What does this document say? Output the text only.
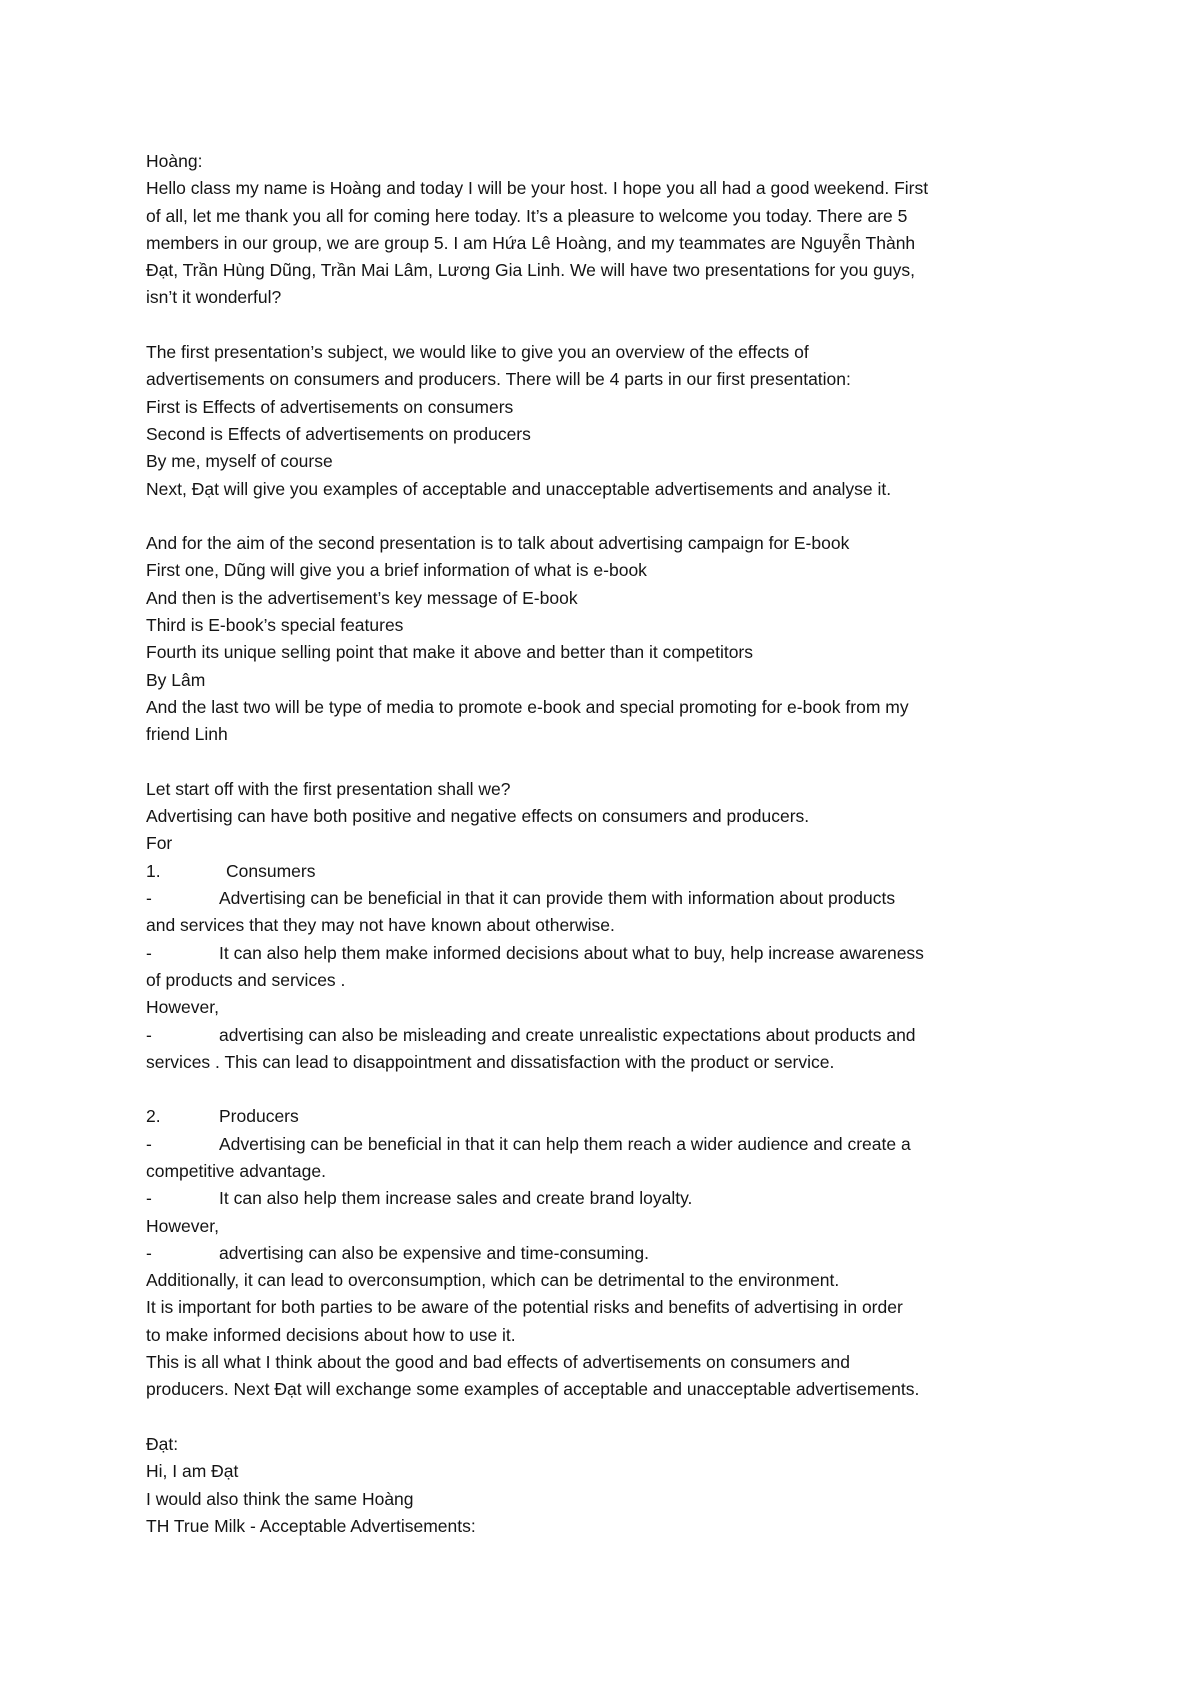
Hoàng:
Hello class my name is Hoàng and today I will be your host. I hope you all had a good weekend. First
of all, let me thank you all for coming here today. It’s a pleasure to welcome you today. There are 5
members in our group, we are group 5. I am Hứa Lê Hoàng, and my teammates are Nguyễn Thành
Đạt, Trần Hùng Dũng, Trần Mai Lâm, Lương Gia Linh. We will have two presentations for you guys,
isn’t it wonderful?
The first presentation’s subject, we would like to give you an overview of the effects of
advertisements on consumers and producers. There will be 4 parts in our first presentation:
First is Effects of advertisements on consumers
Second is Effects of advertisements on producers
By me, myself of course
Next, Đạt will give you examples of acceptable and unacceptable advertisements and analyse it.
And for the aim of the second presentation is to talk about advertising campaign for E-book
First one, Dũng will give you a brief information of what is e-book
And then is the advertisement’s key message of E-book
Third is E-book’s special features
Fourth its unique selling point that make it above and better than it competitors
By Lâm
And the last two will be type of media to promote e-book and special promoting for e-book from my
friend Linh
Let start off with the first presentation shall we?
Advertising can have both positive and negative effects on consumers and producers.
For
1.	Consumers
-	Advertising can be beneficial in that it can provide them with information about products
and services that they may not have known about otherwise.
-	It can also help them make informed decisions about what to buy, help increase awareness
of products and services .
However,
-	advertising can also be misleading and create unrealistic expectations about products and
services . This can lead to disappointment and dissatisfaction with the product or service.
2.	Producers
-	Advertising can be beneficial in that it can help them reach a wider audience and create a
competitive advantage.
-	It can also help them increase sales and create brand loyalty.
However,
-	advertising can also be expensive and time-consuming.
Additionally, it can lead to overconsumption, which can be detrimental to the environment.
It is important for both parties to be aware of the potential risks and benefits of advertising in order
to make informed decisions about how to use it.
This is all what I think about the good and bad effects of advertisements on consumers and
producers. Next Đạt will exchange some examples of acceptable and unacceptable advertisements.
Đạt:
Hi, I am Đạt
I would also think the same Hoàng
TH True Milk - Acceptable Advertisements:
